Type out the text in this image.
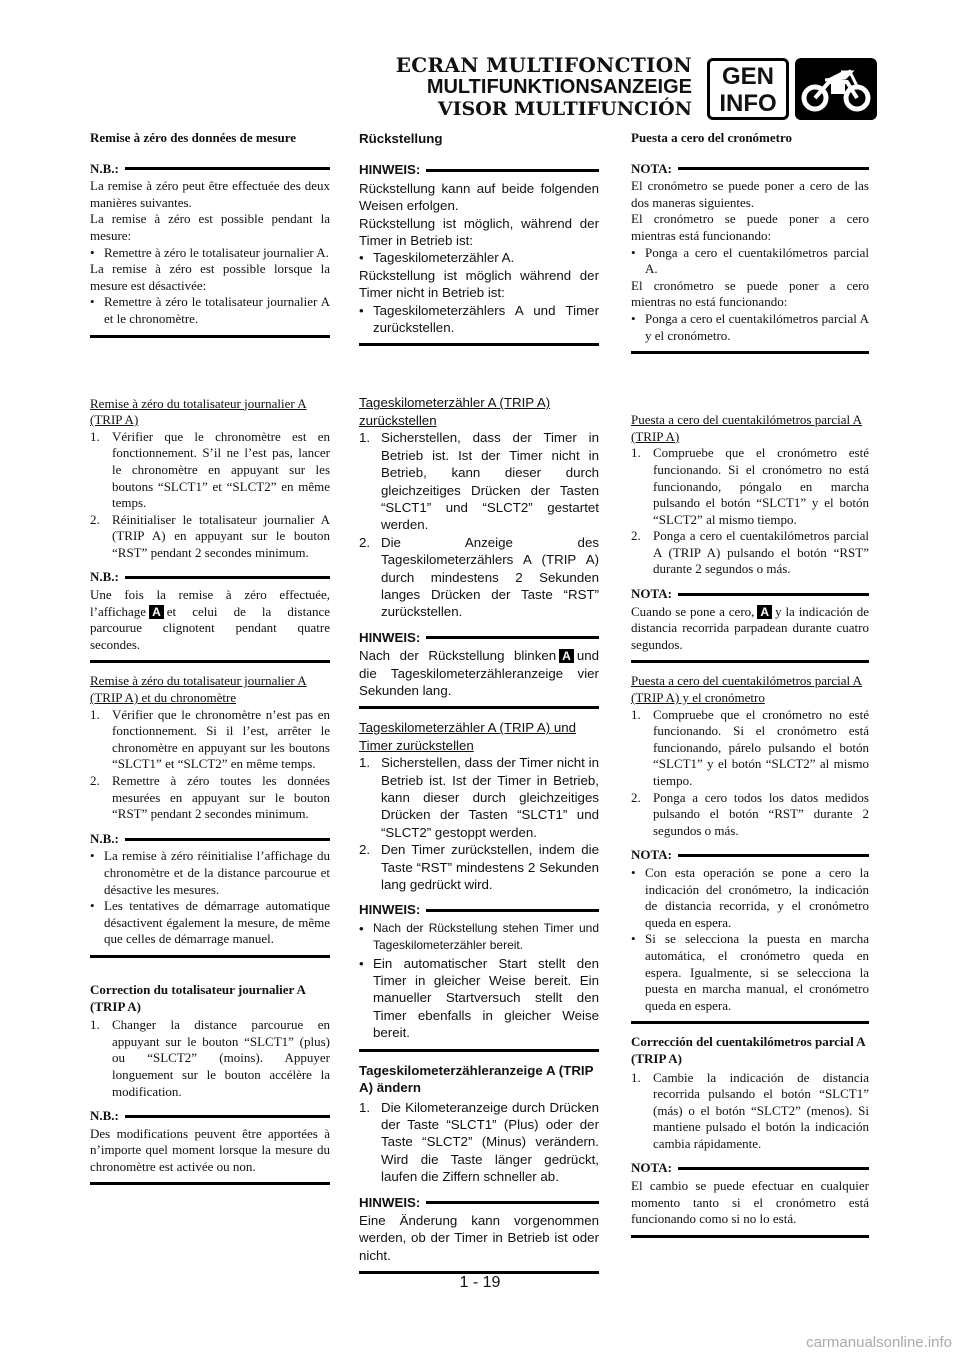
ECRAN MULTIFONCTION
MULTIFUNKTIONSANZEIGE
VISOR MULTIFUNCIÓN
GEN
INFO
Remise à zéro des données de mesure
N.B.:
La remise à zéro peut être effectuée des deux manières suivantes.
La remise à zéro est possible pendant la mesure:
• Remettre à zéro le totalisateur journalier A.
La remise à zéro est possible lorsque la mesure est désactivée:
• Remettre à zéro le totalisateur journalier A et le chronomètre.
Remise à zéro du totalisateur journalier A (TRIP A)
1. Vérifier que le chronomètre est en fonctionnement. S’il ne l’est pas, lancer le chronomètre en appuyant sur les boutons “SLCT1” et “SLCT2” en même temps.
2. Réinitialiser le totalisateur journalier A (TRIP A) en appuyant sur le bouton “RST” pendant 2 secondes minimum.
N.B.:
Une fois la remise à zéro effectuée, l’affichage A et celui de la distance parcourue clignotent pendant quatre secondes.
Remise à zéro du totalisateur journalier A (TRIP A) et du chronomètre
1. Vérifier que le chronomètre n’est pas en fonctionnement. Si il l’est, arrêter le chronomètre en appuyant sur les boutons “SLCT1” et “SLCT2” en même temps.
2. Remettre à zéro toutes les données mesurées en appuyant sur le bouton “RST” pendant 2 secondes minimum.
N.B.:
• La remise à zéro réinitialise l’affichage du chronomètre et de la distance parcourue et désactive les mesures.
• Les tentatives de démarrage automatique désactivent également la mesure, de même que celles de démarrage manuel.
Correction du totalisateur journalier A (TRIP A)
1. Changer la distance parcourue en appuyant sur le bouton “SLCT1” (plus) ou “SLCT2” (moins). Appuyer longuement sur le bouton accélère la modification.
N.B.:
Des modifications peuvent être apportées à n’importe quel moment lorsque la mesure du chronomètre est activée ou non.
Rückstellung
HINWEIS:
Rückstellung kann auf beide folgenden Weisen erfolgen.
Rückstellung ist möglich, während der Timer in Betrieb ist:
• Tageskilometerzähler A.
Rückstellung ist möglich während der Timer nicht in Betrieb ist:
• Tageskilometerzählers A und Timer zurückstellen.
Tageskilometerzähler A (TRIP A) zurückstellen
1. Sicherstellen, dass der Timer in Betrieb ist. Ist der Timer nicht in Betrieb, kann dieser durch gleichzeitiges Drücken der Tasten “SLCT1” und “SLCT2” gestartet werden.
2. Die Anzeige des Tageskilometerzählers A (TRIP A) durch mindestens 2 Sekunden langes Drücken der Taste “RST” zurückstellen.
HINWEIS:
Nach der Rückstellung blinken A und die Tageskilometerzähleranzeige vier Sekunden lang.
Tageskilometerzähler A (TRIP A) und Timer zurückstellen
1. Sicherstellen, dass der Timer nicht in Betrieb ist. Ist der Timer in Betrieb, kann dieser durch gleichzeitiges Drücken der Tasten “SLCT1” und “SLCT2” gestoppt werden.
2. Den Timer zurückstellen, indem die Taste “RST” mindestens 2 Sekunden lang gedrückt wird.
HINWEIS:
• Nach der Rückstellung stehen Timer und Tageskilometerzähler bereit.
• Ein automatischer Start stellt den Timer in gleicher Weise bereit. Ein manueller Startversuch stellt den Timer ebenfalls in gleicher Weise bereit.
Tageskilometerzähleranzeige A (TRIP A) ändern
1. Die Kilometeranzeige durch Drücken der Taste “SLCT1” (Plus) oder der Taste “SLCT2” (Minus) verändern. Wird die Taste länger gedrückt, laufen die Ziffern schneller ab.
HINWEIS:
Eine Änderung kann vorgenommen werden, ob der Timer in Betrieb ist oder nicht.
Puesta a cero del cronómetro
NOTA:
El cronómetro se puede poner a cero de las dos maneras siguientes.
El cronómetro se puede poner a cero mientras está funcionando:
• Ponga a cero el cuentakilómetros parcial A.
El cronómetro se puede poner a cero mientras no está funcionando:
• Ponga a cero el cuentakilómetros parcial A y el cronómetro.
Puesta a cero del cuentakilómetros parcial A (TRIP A)
1. Compruebe que el cronómetro esté funcionando. Si el cronómetro no está funcionando, póngalo en marcha pulsando el botón “SLCT1” y el botón “SLCT2” al mismo tiempo.
2. Ponga a cero el cuentakilómetros parcial A (TRIP A) pulsando el botón “RST” durante 2 segundos o más.
NOTA:
Cuando se pone a cero, A y la indicación de distancia recorrida parpadean durante cuatro segundos.
Puesta a cero del cuentakilómetros parcial A (TRIP A) y el cronómetro
1. Compruebe que el cronómetro no esté funcionando. Si el cronómetro está funcionando, párelo pulsando el botón “SLCT1” y el botón “SLCT2” al mismo tiempo.
2. Ponga a cero todos los datos medidos pulsando el botón “RST” durante 2 segundos o más.
NOTA:
• Con esta operación se pone a cero la indicación del cronómetro, la indicación de distancia recorrida, y el cronómetro queda en espera.
• Si se selecciona la puesta en marcha automática, el cronómetro queda en espera. Igualmente, si se selecciona la puesta en marcha manual, el cronómetro queda en espera.
Corrección del cuentakilómetros parcial A (TRIP A)
1. Cambie la indicación de distancia recorrida pulsando el botón “SLCT1” (más) o el botón “SLCT2” (menos). Si mantiene pulsado el botón la indicación cambia rápidamente.
NOTA:
El cambio se puede efectuar en cualquier momento tanto si el cronómetro está funcionando como si no lo está.
1 - 19
carmanualsonline.info
